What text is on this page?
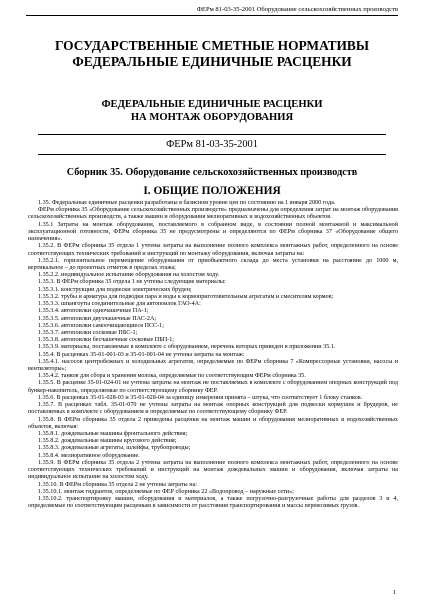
ФЕРм 81-03-35-2001 Оборудование сельскохозяйственных производств
ГОСУДАРСТВЕННЫЕ СМЕТНЫЕ НОРМАТИВЫ
ФЕДЕРАЛЬНЫЕ ЕДИНИЧНЫЕ РАСЦЕНКИ
ФЕДЕРАЛЬНЫЕ ЕДИНИЧНЫЕ РАСЦЕНКИ
НА МОНТАЖ ОБОРУДОВАНИЯ
ФЕРм 81-03-35-2001
Сборник 35. Оборудование сельскохозяйственных производств
I. ОБЩИЕ ПОЛОЖЕНИЯ

1.35. Федеральные единичные расценки разработаны в базисном уровне цен по состоянию на 1 января 2000 года.

ФЕРм сборника 35 «Оборудование сельскохозяйственных производств» предназначены для определения затрат на монтаж оборудования сельскохозяйственных производств, а также машин и оборудования мелиоративных и водохозяйственных объектов.

1.35.1 Затраты на монтаж оборудования, поставляемого в собранном виде, в состоянии полной монтажной и максимальной эксплуатационной готовности, ФЕРм сборника 35 не предусмотрены и определяются по ФЕРм сборника 37 «Оборудование общего назначения».

1.35.2. В ФЕРм сборника 35 отдела 1 учтены затраты на выполнение полного комплекса монтажных работ, определенного на основе соответствующих технических требований и инструкций по монтажу оборудования, включая затраты на:

1.35.2.1. горизонтальное перемещение оборудования от приобъектного склада до места установки на расстояние до 1000 м, вертикальное – до проектных отметок в пределах этажа;

1.35.2.2. индивидуальное испытание оборудования на холостом ходу.

1.35.3. В ФЕРм сборника 35 отдела 1 не учтены следующие материалы:

1.35.3.1. конструкции для подвески электрических бруден;

1.35.3.2. трубы и арматура для подводки пара и воды к кормоприготовительным агрегатам и смесителям кормов;

1.35.3.3. шпангоуты соединительные для автопоилок ГАО-4А:

1.35.3.4. автопоилки одночашечные ПА-1;

1.35.3.5. автопоилки двухчашечные ПАС-2А;

1.35.3.6. автопоилки самоочищающиеся ПСС-1;

1.35.3.7. автопоилки сосковые ПБС-1;

1.35.3.8. автопоилки бесчашечные сосковые ПБП-1;

1.35.3.9. материалы, поставляемые в комплекте с оборудованием, перечень которых приведен в приложении 35.1.

1.35.4. В расценках 35-01-001-03 и 35-01-001-04 не учтены затраты на монтаж:

1.35.4.1. насосов центробежных и холодильных агрегатов, определяемые по ФЕРм сборника 7 «Компрессорные установки, насосы и вентиляторы»;

1.35.4.2. танков для сбора и хранения молока, определяемые по соответствующим ФЕРм сборника 35.

1.35.5. В расценке 35-01-024-01 не учтены затраты на монтаж не поставляемых в комплекте с оборудованием опорных конструкций под бункер-накопитель, определяемые по соответствующему сборнику ФЕР.

1.35.6. В расценках 35-01-028-03 и 35-01-028-04 за единицу измерения принята – штука, что соответствует 1 блоку станков.

1.35.7. В расценках табл. 35-01-070 не учтены затраты на монтаж опорных конструкций для подвески кормушек и брудеров, не поставляемых в комплекте с оборудованием и определяемые по соответствующему сборнику ФЕР.

1.35.8. В ФЕРм сборника 35 отдела 2 приведены расценки на монтаж машин и оборудования мелиоративных и водохозяйственных объектов, включая:

1.35.8.1. дождевальные машины фронтального действия;

1.35.8.2. дождевальные машины кругового действия;

1.35.8.3. дождевальные агрегаты, шлейфы, трубопроводы;

1.35.8.4. мелиоративное оборудование.

1.35.9. В ФЕРм сборника 35 отдела 2 учтены затраты на выполнение полного комплекса монтажных работ, определенного на основе соответствующих технических требований и инструкций на монтаж дождевальных машин и оборудования, включая затраты на индивидуальное испытание на холостом ходу.

1.35.10. В ФЕРм сборника 35 отдела 2 не учтены затраты на:

1.35.10.1. монтаж гидрантов, определяемые по ФЕР сборника 22 «Водопровод – наружные сети»;

1.35.10.2. транспортировку машин, оборудования и материалов, а также погрузочно-разгрузочные работы для разделов 3 и 4, определяемые по соответствующим расценкам в зависимости от расстояния транспортирования и массы перевозимых грузов.

1
